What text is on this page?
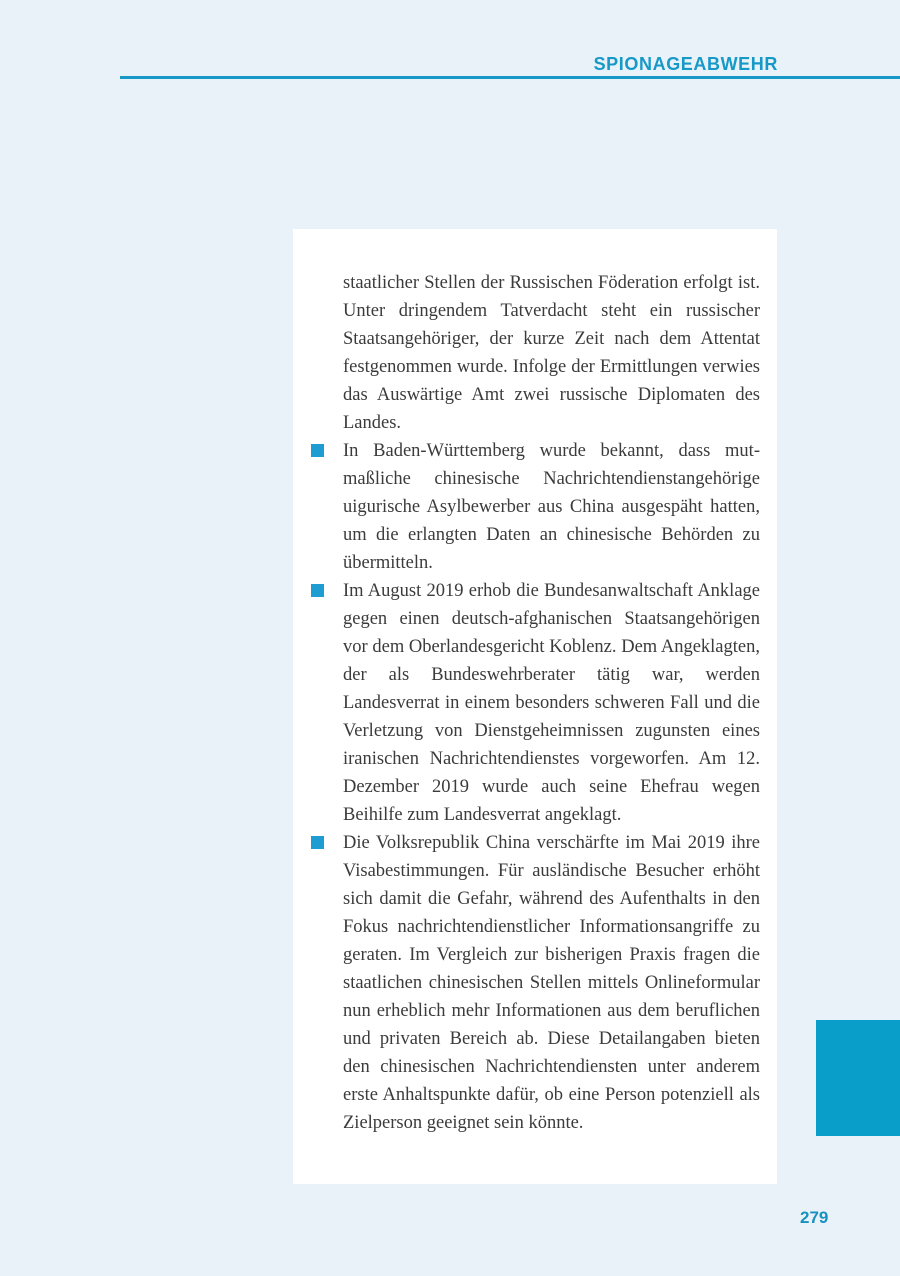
SPIONAGEABWEHR

staatlicher Stellen der Russischen Föderation erfolgt ist. Unter dringendem Tatverdacht steht ein russischer Staatsangehöriger, der kurze Zeit nach dem Attentat festgenommen wurde. Infolge der Ermittlungen verwies das Auswärtige Amt zwei russische Diplomaten des Landes.

In Baden-Württemberg wurde bekannt, dass mutmaßliche chinesische Nachrichtendienstangehörige uigurische Asylbewerber aus China ausgespäht hatten, um die erlangten Daten an chinesische Behörden zu übermitteln.

Im August 2019 erhob die Bundesanwaltschaft Anklage gegen einen deutsch-afghanischen Staatsangehörigen vor dem Oberlandesgericht Koblenz. Dem Angeklagten, der als Bundeswehrberater tätig war, werden Landesverrat in einem besonders schweren Fall und die Verletzung von Dienstgeheimnissen zugunsten eines iranischen Nachrichtendienstes vorgeworfen. Am 12. Dezember 2019 wurde auch seine Ehefrau wegen Beihilfe zum Landesverrat angeklagt.

Die Volksrepublik China verschärfte im Mai 2019 ihre Visabestimmungen. Für ausländische Besucher erhöht sich damit die Gefahr, während des Aufenthalts in den Fokus nachrichtendienstlicher Informationsangriffe zu geraten. Im Vergleich zur bisherigen Praxis fragen die staatlichen chinesischen Stellen mittels Onlineformular nun erheblich mehr Informationen aus dem beruflichen und privaten Bereich ab. Diese Detailangaben bieten den chinesischen Nachrichtendiensten unter anderem erste Anhaltspunkte dafür, ob eine Person potenziell als Zielperson geeignet sein könnte.

279
